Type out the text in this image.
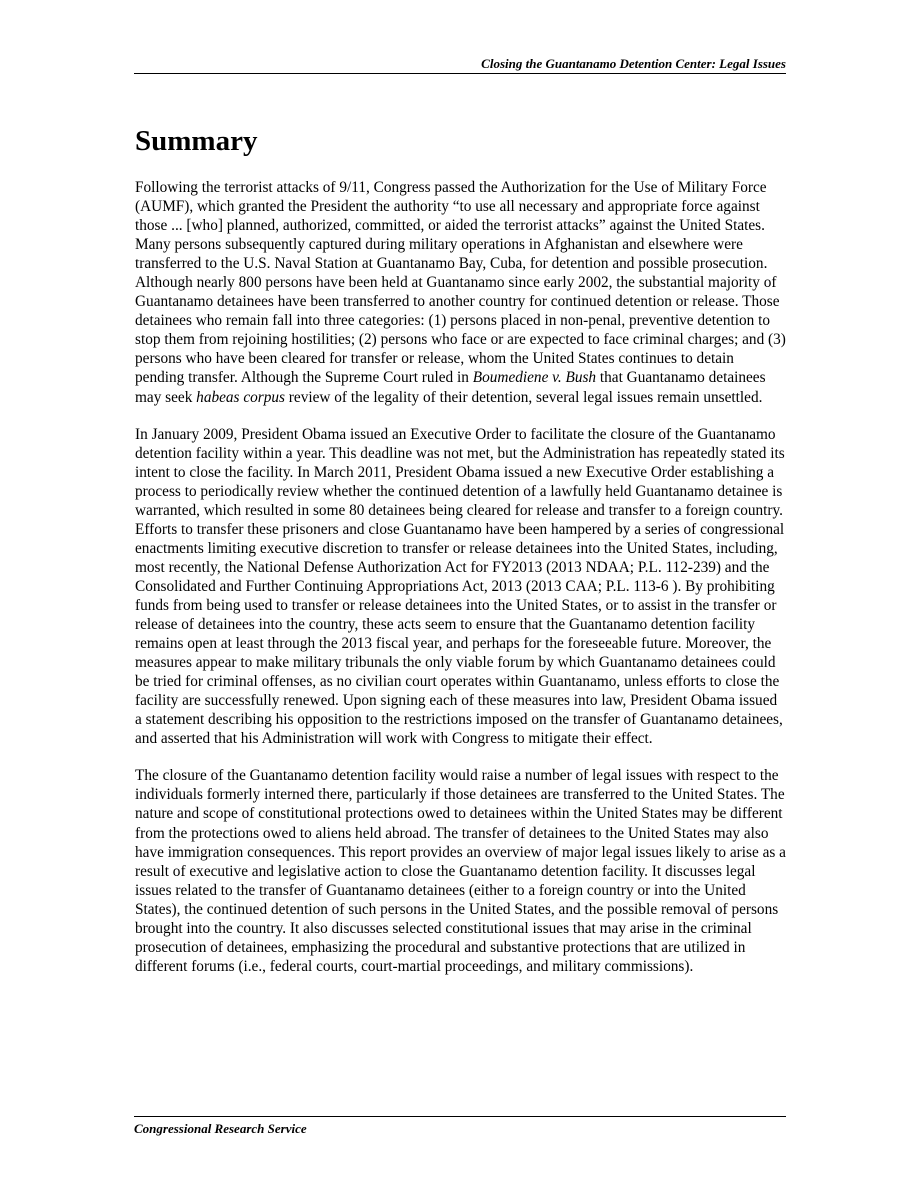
Closing the Guantanamo Detention Center: Legal Issues
Summary

Following the terrorist attacks of 9/11, Congress passed the Authorization for the Use of Military Force (AUMF), which granted the President the authority “to use all necessary and appropriate force against those ... [who] planned, authorized, committed, or aided the terrorist attacks” against the United States. Many persons subsequently captured during military operations in Afghanistan and elsewhere were transferred to the U.S. Naval Station at Guantanamo Bay, Cuba, for detention and possible prosecution. Although nearly 800 persons have been held at Guantanamo since early 2002, the substantial majority of Guantanamo detainees have been transferred to another country for continued detention or release. Those detainees who remain fall into three categories: (1) persons placed in non-penal, preventive detention to stop them from rejoining hostilities; (2) persons who face or are expected to face criminal charges; and (3) persons who have been cleared for transfer or release, whom the United States continues to detain pending transfer. Although the Supreme Court ruled in Boumediene v. Bush that Guantanamo detainees may seek habeas corpus review of the legality of their detention, several legal issues remain unsettled.

In January 2009, President Obama issued an Executive Order to facilitate the closure of the Guantanamo detention facility within a year. This deadline was not met, but the Administration has repeatedly stated its intent to close the facility. In March 2011, President Obama issued a new Executive Order establishing a process to periodically review whether the continued detention of a lawfully held Guantanamo detainee is warranted, which resulted in some 80 detainees being cleared for release and transfer to a foreign country. Efforts to transfer these prisoners and close Guantanamo have been hampered by a series of congressional enactments limiting executive discretion to transfer or release detainees into the United States, including, most recently, the National Defense Authorization Act for FY2013 (2013 NDAA; P.L. 112-239) and the Consolidated and Further Continuing Appropriations Act, 2013 (2013 CAA; P.L. 113-6 ). By prohibiting funds from being used to transfer or release detainees into the United States, or to assist in the transfer or release of detainees into the country, these acts seem to ensure that the Guantanamo detention facility remains open at least through the 2013 fiscal year, and perhaps for the foreseeable future. Moreover, the measures appear to make military tribunals the only viable forum by which Guantanamo detainees could be tried for criminal offenses, as no civilian court operates within Guantanamo, unless efforts to close the facility are successfully renewed. Upon signing each of these measures into law, President Obama issued a statement describing his opposition to the restrictions imposed on the transfer of Guantanamo detainees, and asserted that his Administration will work with Congress to mitigate their effect.

The closure of the Guantanamo detention facility would raise a number of legal issues with respect to the individuals formerly interned there, particularly if those detainees are transferred to the United States. The nature and scope of constitutional protections owed to detainees within the United States may be different from the protections owed to aliens held abroad. The transfer of detainees to the United States may also have immigration consequences. This report provides an overview of major legal issues likely to arise as a result of executive and legislative action to close the Guantanamo detention facility. It discusses legal issues related to the transfer of Guantanamo detainees (either to a foreign country or into the United States), the continued detention of such persons in the United States, and the possible removal of persons brought into the country. It also discusses selected constitutional issues that may arise in the criminal prosecution of detainees, emphasizing the procedural and substantive protections that are utilized in different forums (i.e., federal courts, court-martial proceedings, and military commissions).

Congressional Research Service
